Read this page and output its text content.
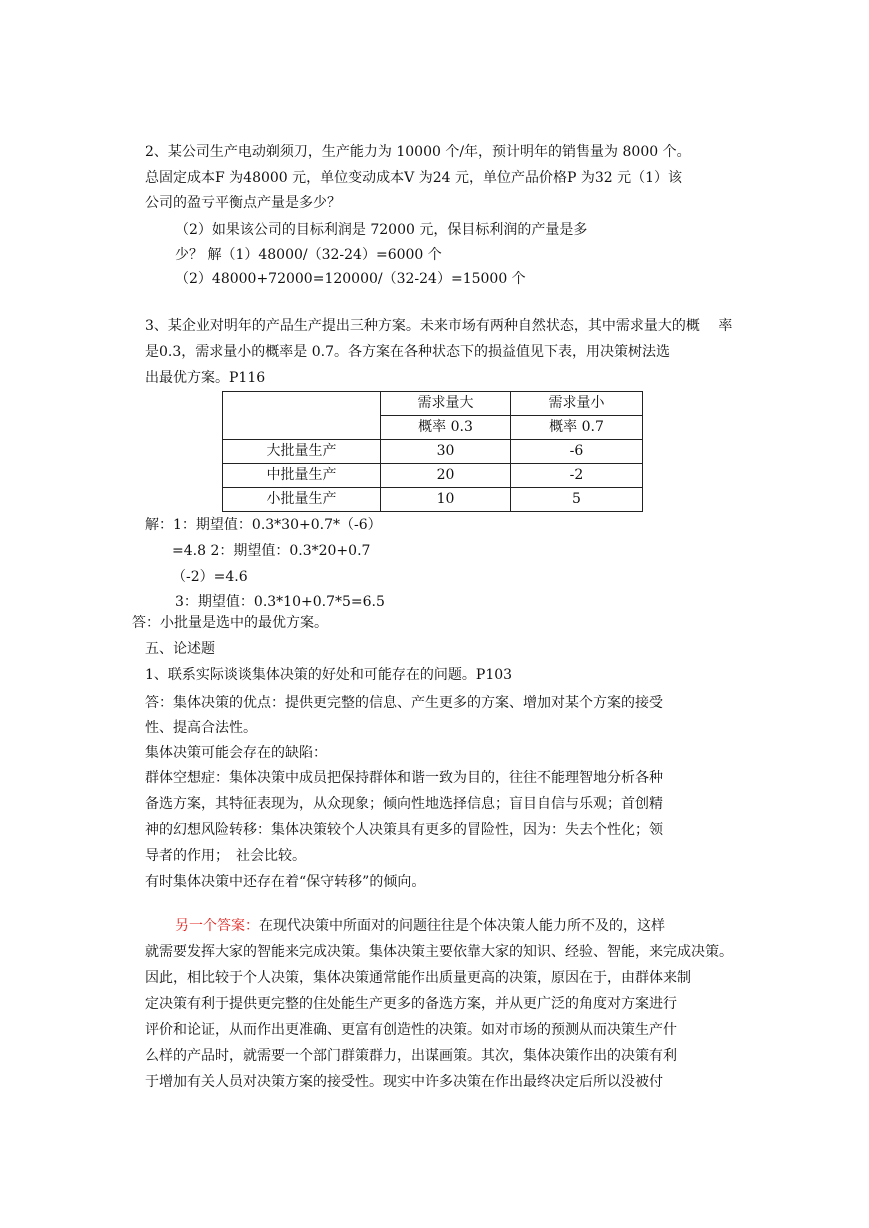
2、某公司生产电动剃须刀，生产能力为 10000 个/年，预计明年的销售量为 8000 个。
总固定成本F 为48000 元，单位变动成本V 为24 元，单位产品价格P 为32 元（1）该
公司的盈亏平衡点产量是多少？
（2）如果该公司的目标利润是 72000 元，保目标利润的产量是多
少？ 解（1）48000/（32-24）=6000 个
（2）48000+72000=120000/（32-24）=15000 个
3、某企业对明年的产品生产提出三种方案。未来市场有两种自然状态，其中需求量大的概　 率
是0.3，需求量小的概率是 0.7。各方案在各种状态下的损益值见下表，用决策树法选
出最优方案。P116
	需求量大	需求量小
	概率 0.3	概率 0.7
大批量生产	30	-6
中批量生产	20	-2
小批量生产	10	5
解：1：期望值：0.3*30+0.7*（-6）
=4.8 2：期望值：0.3*20+0.7
（-2）=4.6
3：期望值：0.3*10+0.7*5=6.5
答：小批量是选中的最优方案。
五、论述题
1、联系实际谈谈集体决策的好处和可能存在的问题。P103
答：集体决策的优点：提供更完整的信息、产生更多的方案、增加对某个方案的接受
性、提高合法性。
集体决策可能会存在的缺陷：
群体空想症：集体决策中成员把保持群体和谐一致为目的，往往不能理智地分析各种
备选方案，其特征表现为，从众现象；倾向性地选择信息；盲目自信与乐观；首创精
神的幻想风险转移：集体决策较个人决策具有更多的冒险性，因为：失去个性化；领
导者的作用；　社会比较。
有时集体决策中还存在着“保守转移”的倾向。
另一个答案：在现代决策中所面对的问题往往是个体决策人能力所不及的，这样
就需要发挥大家的智能来完成决策。集体决策主要依靠大家的知识、经验、智能，来完成决策。
因此，相比较于个人决策，集体决策通常能作出质量更高的决策，原因在于，由群体来制
定决策有利于提供更完整的住处能生产更多的备选方案，并从更广泛的角度对方案进行
评价和论证，从而作出更准确、更富有创造性的决策。如对市场的预测从而决策生产什
么样的产品时，就需要一个部门群策群力，出谋画策。其次，集体决策作出的决策有利
于增加有关人员对决策方案的接受性。现实中许多决策在作出最终决定后所以没被付
